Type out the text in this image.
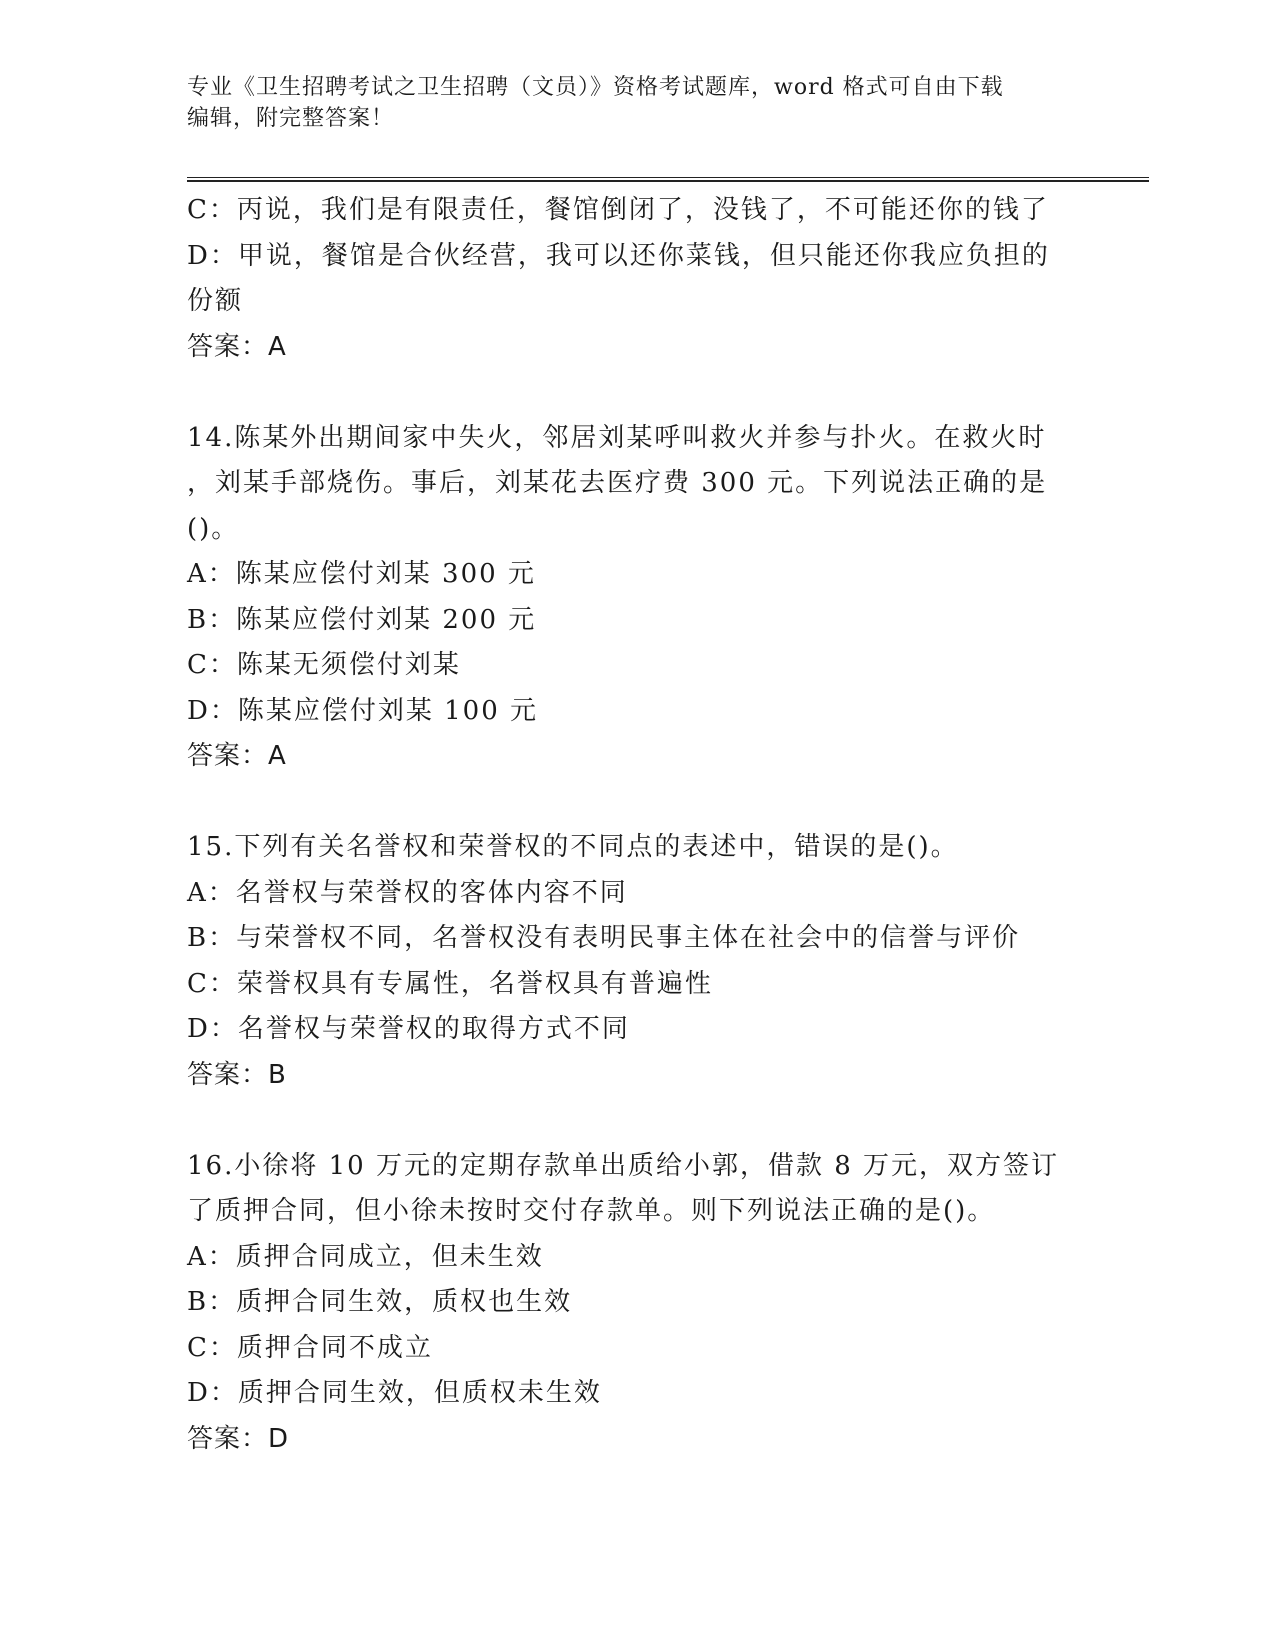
专业《卫生招聘考试之卫生招聘（文员）》资格考试题库，word 格式可自由下载
编辑，附完整答案！
C：丙说，我们是有限责任，餐馆倒闭了，没钱了，不可能还你的钱了
D：甲说，餐馆是合伙经营，我可以还你菜钱，但只能还你我应负担的
份额
答案：A
14.陈某外出期间家中失火，邻居刘某呼叫救火并参与扑火。在救火时
，刘某手部烧伤。事后，刘某花去医疗费 300 元。下列说法正确的是
()。
A：陈某应偿付刘某 300 元
B：陈某应偿付刘某 200 元
C：陈某无须偿付刘某
D：陈某应偿付刘某 100 元
答案：A
15.下列有关名誉权和荣誉权的不同点的表述中，错误的是()。
A：名誉权与荣誉权的客体内容不同
B：与荣誉权不同，名誉权没有表明民事主体在社会中的信誉与评价
C：荣誉权具有专属性，名誉权具有普遍性
D：名誉权与荣誉权的取得方式不同
答案：B
16.小徐将 10 万元的定期存款单出质给小郭，借款 8 万元，双方签订
了质押合同，但小徐未按时交付存款单。则下列说法正确的是()。
A：质押合同成立，但未生效
B：质押合同生效，质权也生效
C：质押合同不成立
D：质押合同生效，但质权未生效
答案：D
